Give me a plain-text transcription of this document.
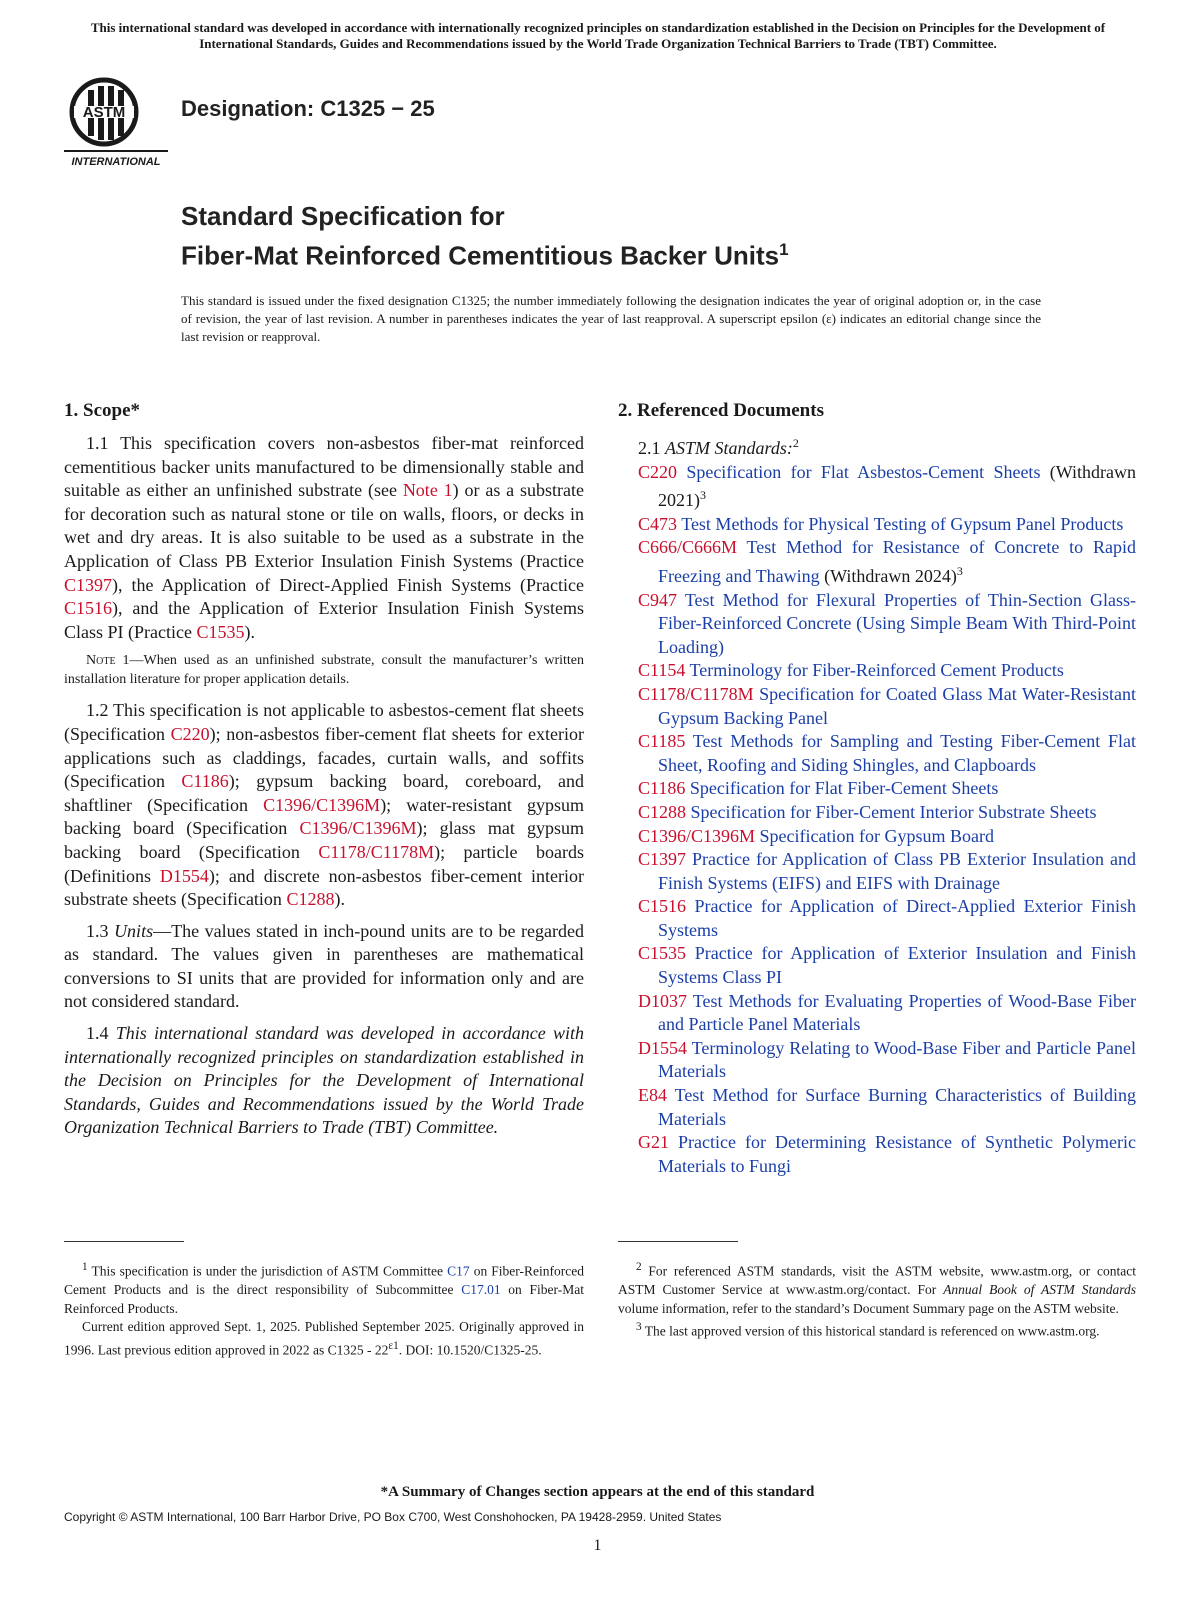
This international standard was developed in accordance with internationally recognized principles on standardization established in the Decision on Principles for the Development of International Standards, Guides and Recommendations issued by the World Trade Organization Technical Barriers to Trade (TBT) Committee.
ASTM
INTERNATIONAL
Designation: C1325 − 25
Standard Specification for
Fiber-Mat Reinforced Cementitious Backer Units$^1$
This standard is issued under the fixed designation C1325; the number immediately following the designation indicates the year of original adoption or, in the case of revision, the year of last revision. A number in parentheses indicates the year of last reapproval. A superscript epsilon (ε) indicates an editorial change since the last revision or reapproval.
1. Scope*

1.1 This specification covers non-asbestos fiber-mat reinforced cementitious backer units manufactured to be dimensionally stable and suitable as either an unfinished substrate (see Note 1) or as a substrate for decoration such as natural stone or tile on walls, floors, or decks in wet and dry areas. It is also suitable to be used as a substrate in the Application of Class PB Exterior Insulation Finish Systems (Practice C1397), the Application of Direct-Applied Finish Systems (Practice C1516), and the Application of Exterior Insulation Finish Systems Class PI (Practice C1535).

Note 1—When used as an unfinished substrate, consult the manufacturer’s written installation literature for proper application details.

1.2 This specification is not applicable to asbestos-cement flat sheets (Specification C220); non-asbestos fiber-cement flat sheets for exterior applications such as claddings, facades, curtain walls, and soffits (Specification C1186); gypsum backing board, coreboard, and shaftliner (Specification C1396/C1396M); water-resistant gypsum backing board (Specification C1396/C1396M); glass mat gypsum backing board (Specification C1178/C1178M); particle boards (Definitions D1554); and discrete non-asbestos fiber-cement interior substrate sheets (Specification C1288).

1.3 Units—The values stated in inch-pound units are to be regarded as standard. The values given in parentheses are mathematical conversions to SI units that are provided for information only and are not considered standard.

1.4 This international standard was developed in accordance with internationally recognized principles on standardization established in the Decision on Principles for the Development of International Standards, Guides and Recommendations issued by the World Trade Organization Technical Barriers to Trade (TBT) Committee.

2. Referenced Documents
2.1 ASTM Standards:$^2$
C220 Specification for Flat Asbestos-Cement Sheets (Withdrawn 2021)$^3$
C473 Test Methods for Physical Testing of Gypsum Panel Products
C666/C666M Test Method for Resistance of Concrete to Rapid Freezing and Thawing (Withdrawn 2024)$^3$
C947 Test Method for Flexural Properties of Thin-Section Glass-Fiber-Reinforced Concrete (Using Simple Beam With Third-Point Loading)
C1154 Terminology for Fiber-Reinforced Cement Products
C1178/C1178M Specification for Coated Glass Mat Water-Resistant Gypsum Backing Panel
C1185 Test Methods for Sampling and Testing Fiber-Cement Flat Sheet, Roofing and Siding Shingles, and Clapboards
C1186 Specification for Flat Fiber-Cement Sheets
C1288 Specification for Fiber-Cement Interior Substrate Sheets
C1396/C1396M Specification for Gypsum Board
C1397 Practice for Application of Class PB Exterior Insulation and Finish Systems (EIFS) and EIFS with Drainage
C1516 Practice for Application of Direct-Applied Exterior Finish Systems
C1535 Practice for Application of Exterior Insulation and Finish Systems Class PI
D1037 Test Methods for Evaluating Properties of Wood-Base Fiber and Particle Panel Materials
D1554 Terminology Relating to Wood-Base Fiber and Particle Panel Materials
E84 Test Method for Surface Burning Characteristics of Building Materials
G21 Practice for Determining Resistance of Synthetic Polymeric Materials to Fungi

$^1$ This specification is under the jurisdiction of ASTM Committee C17 on Fiber-Reinforced Cement Products and is the direct responsibility of Subcommittee C17.01 on Fiber-Mat Reinforced Products.

Current edition approved Sept. 1, 2025. Published September 2025. Originally approved in 1996. Last previous edition approved in 2022 as $C1325 - 22^{\varepsilon 1}$. DOI: 10.1520/C1325-25.

$^2$ For referenced ASTM standards, visit the ASTM website, www.astm.org, or contact ASTM Customer Service at www.astm.org/contact. For Annual Book of ASTM Standards volume information, refer to the standard’s Document Summary page on the ASTM website.

$^3$ The last approved version of this historical standard is referenced on www.astm.org.

*A Summary of Changes section appears at the end of this standard
Copyright © ASTM International, 100 Barr Harbor Drive, PO Box C700, West Conshohocken, PA 19428-2959. United States
1
